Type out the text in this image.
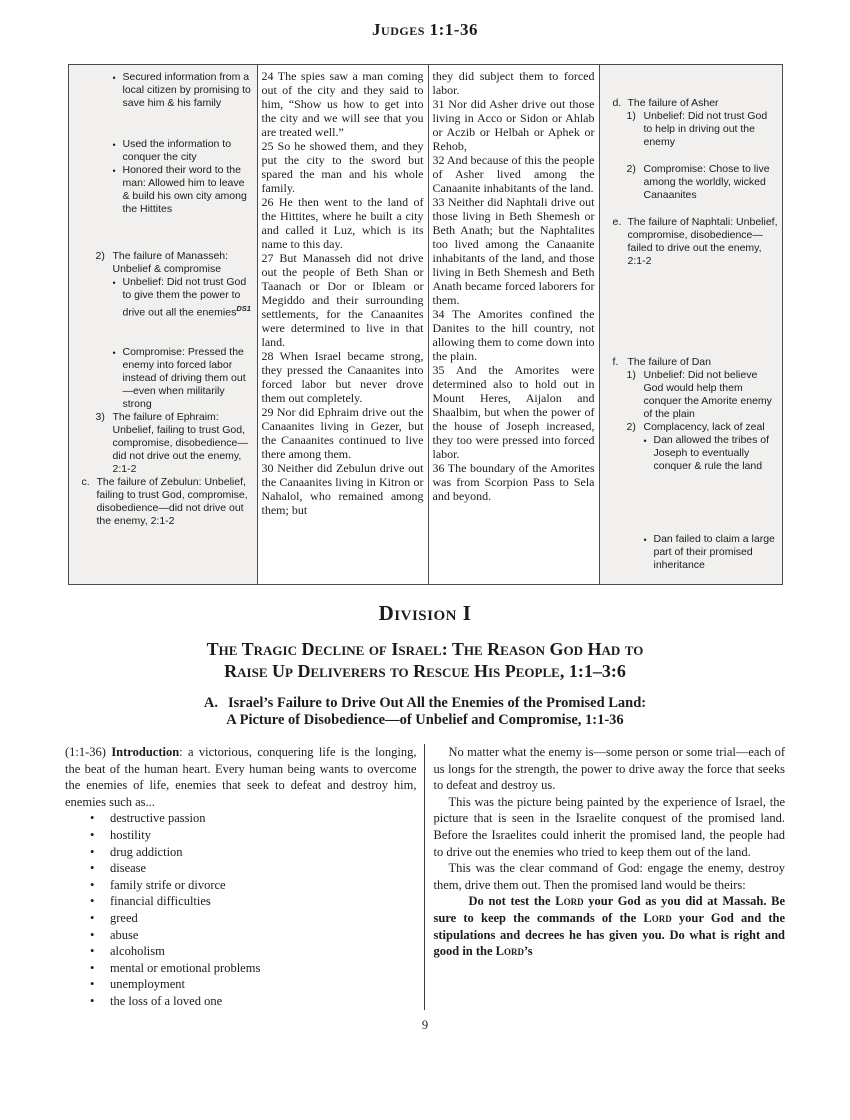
Judges 1:1-36
• Secured information from a local citizen by promising to save him & his family
• Used the information to conquer the city
• Honored their word to the man: Allowed him to leave & build his own city among the Hittites
2) The failure of Manasseh: Unbelief & compromise
• Unbelief: Did not trust God to give them the power to drive out all the enemies$^{DS1}$
• Compromise: Pressed the enemy into forced labor instead of driving them out—even when militarily strong
3) The failure of Ephraim: Unbelief, failing to trust God, compromise, disobedience—did not drive out the enemy, 2:1-2
c. The failure of Zebulun: Unbelief, failing to trust God, compromise, disobedience—did not drive out the enemy, 2:1-2

24 The spies saw a man coming out of the city and they said to him, “Show us how to get into the city and we will see that you are treated well.”

25 So he showed them, and they put the city to the sword but spared the man and his whole family.

26 He then went to the land of the Hittites, where he built a city and called it Luz, which is its name to this day.

27 But Manasseh did not drive out the people of Beth Shan or Taanach or Dor or Ibleam or Megiddo and their surrounding settlements, for the Canaanites were determined to live in that land.

28 When Israel became strong, they pressed the Canaanites into forced labor but never drove them out completely.

29 Nor did Ephraim drive out the Canaanites living in Gezer, but the Canaanites continued to live there among them.

30 Neither did Zebulun drive out the Canaanites living in Kitron or Nahalol, who remained among them; but

they did subject them to forced labor.

31 Nor did Asher drive out those living in Acco or Sidon or Ahlab or Aczib or Helbah or Aphek or Rehob,

32 And because of this the people of Asher lived among the Canaanite inhabitants of the land.

33 Neither did Naphtali drive out those living in Beth Shemesh or Beth Anath; but the Naphtalites too lived among the Canaanite inhabitants of the land, and those living in Beth Shemesh and Beth Anath became forced laborers for them.

34 The Amorites confined the Danites to the hill country, not allowing them to come down into the plain.

35 And the Amorites were determined also to hold out in Mount Heres, Aijalon and Shaalbim, but when the power of the house of Joseph increased, they too were pressed into forced labor.

36 The boundary of the Amorites was from Scorpion Pass to Sela and beyond.

d. The failure of Asher
1) Unbelief: Did not trust God to help in driving out the enemy
2) Compromise: Chose to live among the worldly, wicked Canaanites
e. The failure of Naphtali: Unbelief, compromise, disobedience—failed to drive out the enemy, 2:1-2
f. The failure of Dan
1) Unbelief: Did not believe God would help them conquer the Amorite enemy of the plain
2) Complacency, lack of zeal
• Dan allowed the tribes of Joseph to eventually conquer & rule the land
• Dan failed to claim a large part of their promised inheritance
Division I
The Tragic Decline of Israel: The Reason God Had to
Raise Up Deliverers to Rescue His People, 1:1–3:6
A. Israel’s Failure to Drive Out All the Enemies of the Promised Land:
A Picture of Disobedience—of Unbelief and Compromise, 1:1-36

(1:1-36) Introduction: a victorious, conquering life is the longing, the beat of the human heart. Every human being wants to overcome the enemies of life, enemies that seek to defeat and destroy him, enemies such as...

•	destructive passion
•	hostility
•	drug addiction
•	disease
•	family strife or divorce
•	financial difficulties
•	greed
•	abuse
•	alcoholism
•	mental or emotional problems
•	unemployment
•	the loss of a loved one

No matter what the enemy is—some person or some trial—each of us longs for the strength, the power to drive away the force that seeks to defeat and destroy us.

This was the picture being painted by the experience of Israel, the picture that is seen in the Israelite conquest of the promised land. Before the Israelites could inherit the promised land, the people had to drive out the enemies who tried to keep them out of the land.

This was the clear command of God: engage the enemy, destroy them, drive them out. Then the promised land would be theirs:

Do not test the Lord your God as you did at Massah. Be sure to keep the commands of the Lord your God and the stipulations and decrees he has given you. Do what is right and good in the Lord’s

9
